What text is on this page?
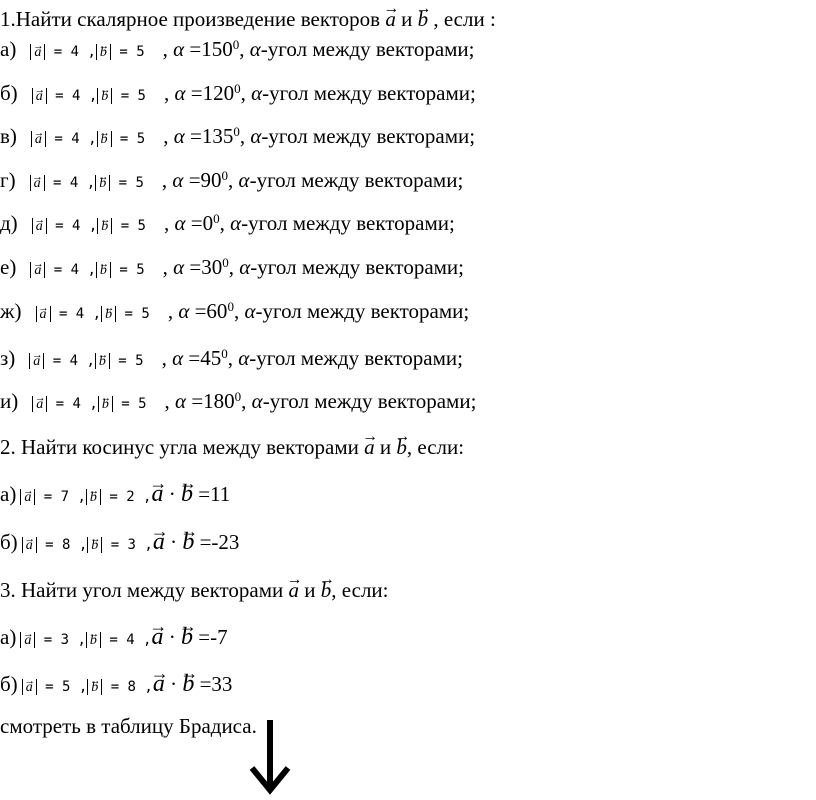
1.Найти скалярное произведение векторов → a и → b , если :
а) → a = 4 , → b = 5 , $\alpha =150^0$, α-угол между векторами;
б) → a = 4 , → b = 5 , $\alpha =120^0$, α-угол между векторами;
в) → a = 4 , → b = 5 , $\alpha =135^0$, α-угол между векторами;
г) → a = 4 , → b = 5 , $\alpha =90^0$, α-угол между векторами;
д) → a = 4 , → b = 5 , $\alpha =0^0$, α-угол между векторами;
е) → a = 4 , → b = 5 , $\alpha =30^0$, α-угол между векторами;
ж) → a = 4 , → b = 5 , $\alpha =60^0$, α-угол между векторами;
з) → a = 4 , → b = 5 , $\alpha =45^0$, α-угол между векторами;
и) → a = 4 , → b = 5 , $\alpha =180^0$, α-угол между векторами;
2. Найти косинус угла между векторами → a и → b, если:
а) → a = 7 , → b = 2 ,→ a · → b =11
б) → a = 8 , → b = 3 ,→ a · → b =-23
3. Найти угол между векторами → a и → b, если:
а) → a = 3 , → b = 4 ,→ a · → b =-7
б) → a = 5 , → b = 8 ,→ a · → b =33
смотреть в таблицу Брадиса.
